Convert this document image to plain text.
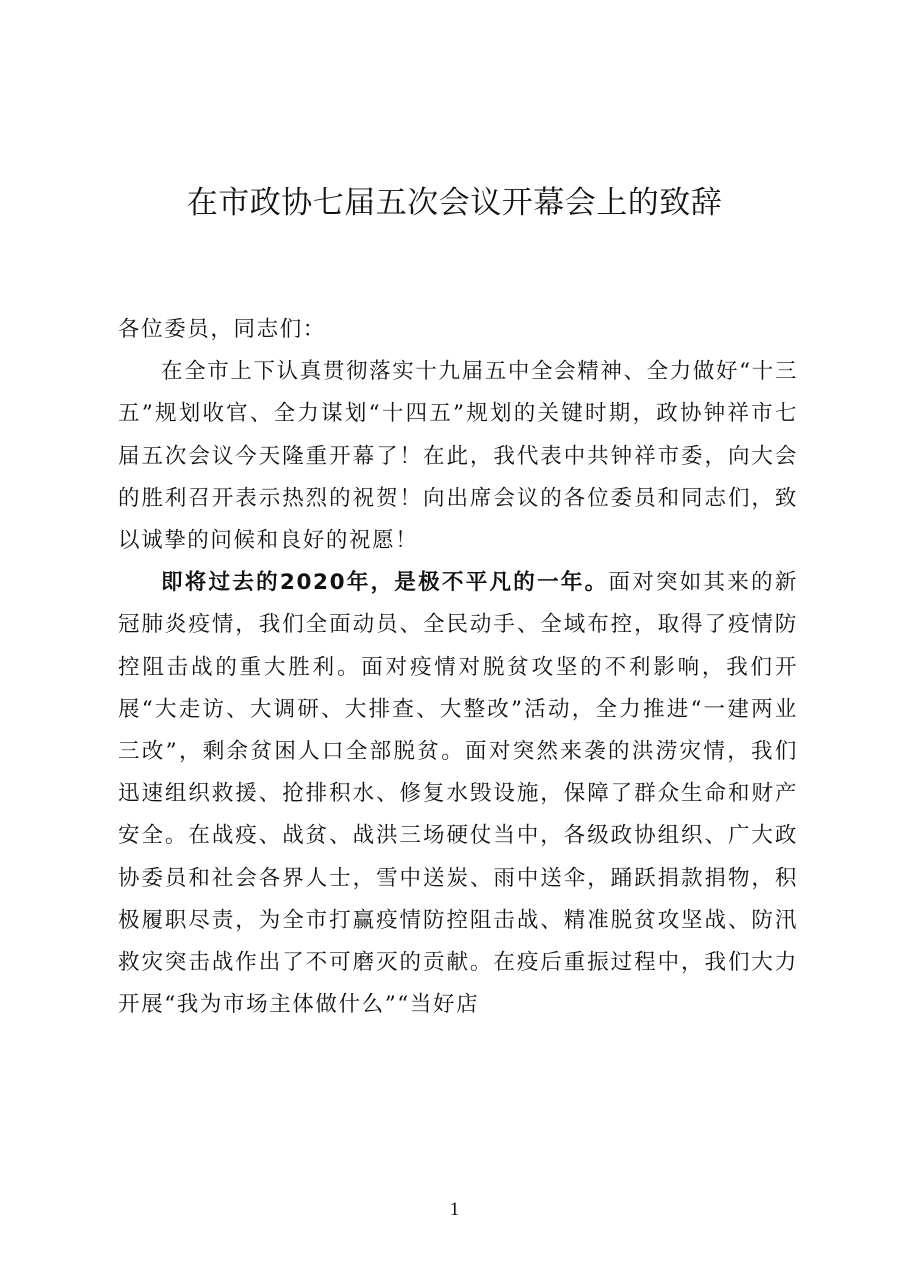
在市政协七届五次会议开幕会上的致辞

各位委员，同志们：

在全市上下认真贯彻落实十九届五中全会精神、全力做好“十三五”规划收官、全力谋划“十四五”规划的关键时期，政协钟祥市七届五次会议今天隆重开幕了！在此，我代表中共钟祥市委，向大会的胜利召开表示热烈的祝贺！向出席会议的各位委员和同志们，致以诚挚的问候和良好的祝愿！

即将过去的2020年，是极不平凡的一年。面对突如其来的新冠肺炎疫情，我们全面动员、全民动手、全域布控，取得了疫情防控阻击战的重大胜利。面对疫情对脱贫攻坚的不利影响，我们开展“大走访、大调研、大排查、大整改”活动，全力推进“一建两业三改”，剩余贫困人口全部脱贫。面对突然来袭的洪涝灾情，我们迅速组织救援、抢排积水、修复水毁设施，保障了群众生命和财产安全。在战疫、战贫、战洪三场硬仗当中，各级政协组织、广大政协委员和社会各界人士，雪中送炭、雨中送伞，踊跃捐款捐物，积极履职尽责，为全市打赢疫情防控阻击战、精准脱贫攻坚战、防汛救灾突击战作出了不可磨灭的贡献。在疫后重振过程中，我们大力开展“我为市场主体做什么”“当好店

1
